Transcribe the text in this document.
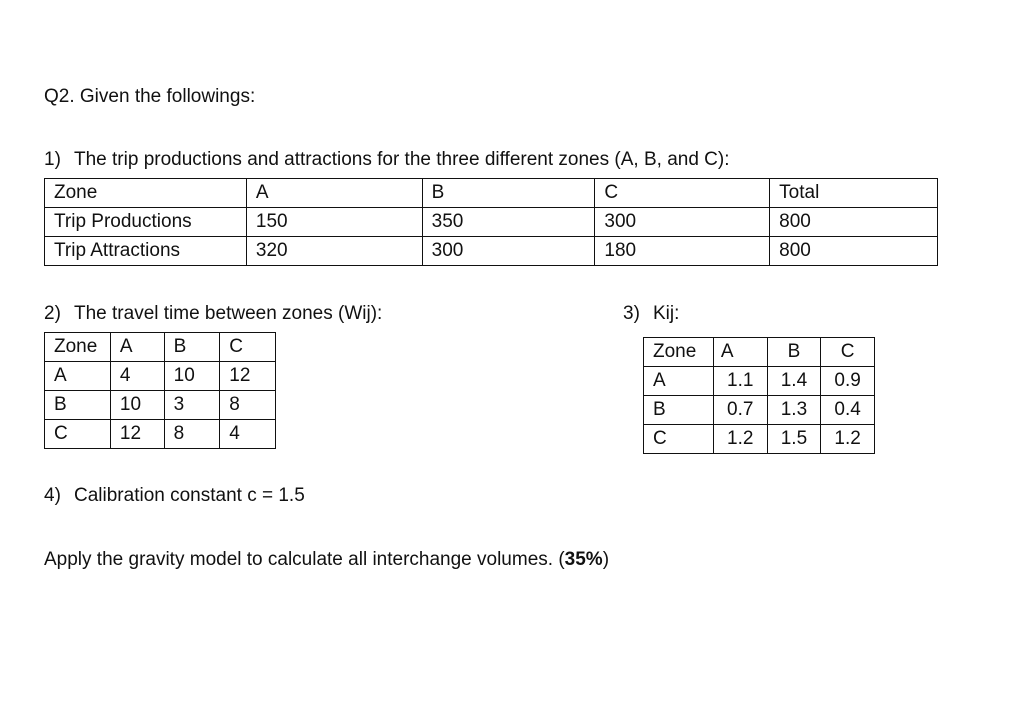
Q2. Given the followings:
1) The trip productions and attractions for the three different zones (A, B, and C):
Zone	A	B	C	Total
Trip Productions	150	350	300	800
Trip Attractions	320	300	180	800
2) The travel time between zones (Wij):
Zone	A	B	C
A	4	10	12
B	10	3	8
C	12	8	4
3) Kij:
Zone	A	B	C
A	1.1	1.4	0.9
B	0.7	1.3	0.4
C	1.2	1.5	1.2
4) Calibration constant c = 1.5
Apply the gravity model to calculate all interchange volumes. (35%)
